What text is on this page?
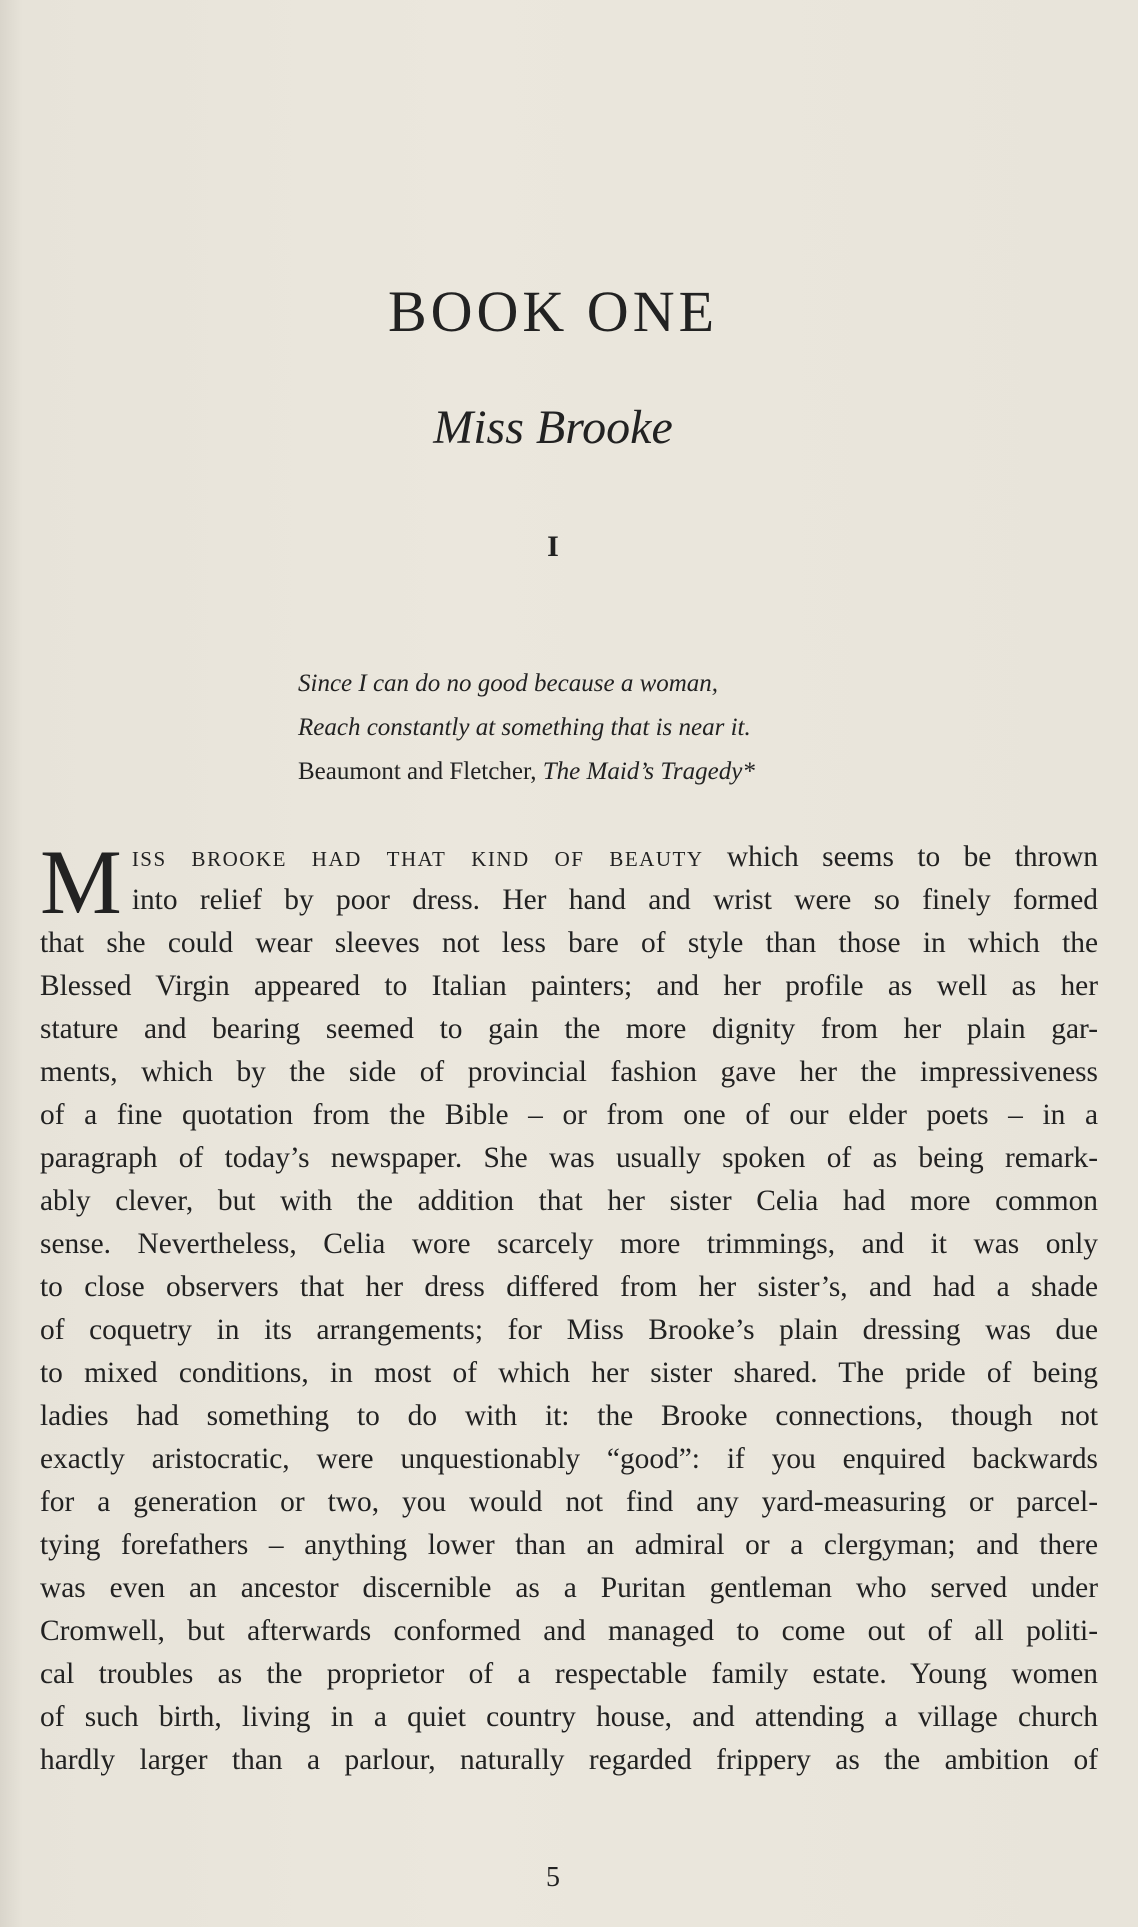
BOOK ONE
Miss Brooke
I
Since I can do no good because a woman,
Reach constantly at something that is near it.
Beaumont and Fletcher, The Maid’s Tragedy*
M iss brooke had that kind of beauty which seems to be thrown
into relief by poor dress. Her hand and wrist were so finely formed
that she could wear sleeves not less bare of style than those in which the
Blessed Virgin appeared to Italian painters; and her profile as well as her
stature and bearing seemed to gain the more dignity from her plain gar-
ments, which by the side of provincial fashion gave her the impressiveness
of a fine quotation from the Bible – or from one of our elder poets – in a
paragraph of today’s newspaper. She was usually spoken of as being remark-
ably clever, but with the addition that her sister Celia had more common
sense. Nevertheless, Celia wore scarcely more trimmings, and it was only
to close observers that her dress differed from her sister’s, and had a shade
of coquetry in its arrangements; for Miss Brooke’s plain dressing was due
to mixed conditions, in most of which her sister shared. The pride of being
ladies had something to do with it: the Brooke connections, though not
exactly aristocratic, were unquestionably “good”: if you enquired backwards
for a generation or two, you would not find any yard-measuring or parcel-
tying forefathers – anything lower than an admiral or a clergyman; and there
was even an ancestor discernible as a Puritan gentleman who served under
Cromwell, but afterwards conformed and managed to come out of all politi-
cal troubles as the proprietor of a respectable family estate. Young women
of such birth, living in a quiet country house, and attending a village church
hardly larger than a parlour, naturally regarded frippery as the ambition of
5
